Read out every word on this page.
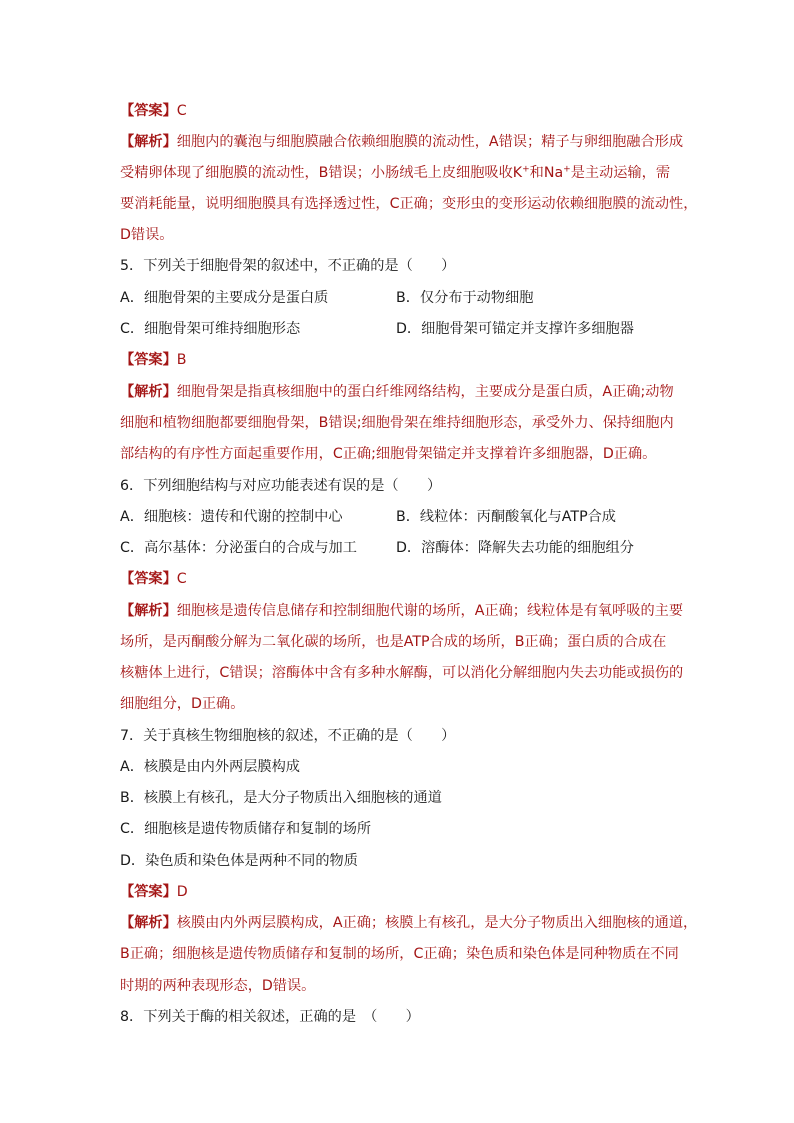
【答案】C
【解析】细胞内的囊泡与细胞膜融合依赖细胞膜的流动性，A错误；精子与卵细胞融合形成
受精卵体现了细胞膜的流动性，B错误；小肠绒毛上皮细胞吸收K+和Na+是主动运输，需
要消耗能量，说明细胞膜具有选择透过性，C正确；变形虫的变形运动依赖细胞膜的流动性，
D错误。
5．下列关于细胞骨架的叙述中，不正确的是（　　）
A．细胞骨架的主要成分是蛋白质	B．仅分布于动物细胞
C．细胞骨架可维持细胞形态	D．细胞骨架可锚定并支撑许多细胞器
【答案】B
【解析】细胞骨架是指真核细胞中的蛋白纤维网络结构，主要成分是蛋白质，A正确;动物
细胞和植物细胞都要细胞骨架，B错误;细胞骨架在维持细胞形态，承受外力、保持细胞内
部结构的有序性方面起重要作用，C正确;细胞骨架锚定并支撑着许多细胞器，D正确。
6．下列细胞结构与对应功能表述有误的是（　　）
A．细胞核：遗传和代谢的控制中心	B．线粒体：丙酮酸氧化与ATP合成
C．高尔基体：分泌蛋白的合成与加工	D．溶酶体：降解失去功能的细胞组分
【答案】C
【解析】细胞核是遗传信息储存和控制细胞代谢的场所，A正确；线粒体是有氧呼吸的主要
场所，是丙酮酸分解为二氧化碳的场所，也是ATP合成的场所，B正确；蛋白质的合成在
核糖体上进行，C错误；溶酶体中含有多种水解酶，可以消化分解细胞内失去功能或损伤的
细胞组分，D正确。
7．关于真核生物细胞核的叙述，不正确的是（　　）
A．核膜是由内外两层膜构成
B．核膜上有核孔，是大分子物质出入细胞核的通道
C．细胞核是遗传物质储存和复制的场所
D．染色质和染色体是两种不同的物质
【答案】D
【解析】核膜由内外两层膜构成，A正确；核膜上有核孔，是大分子物质出入细胞核的通道，
B正确；细胞核是遗传物质储存和复制的场所，C正确；染色质和染色体是同种物质在不同
时期的两种表现形态，D错误。
8．下列关于酶的相关叙述，正确的是　（　　）
